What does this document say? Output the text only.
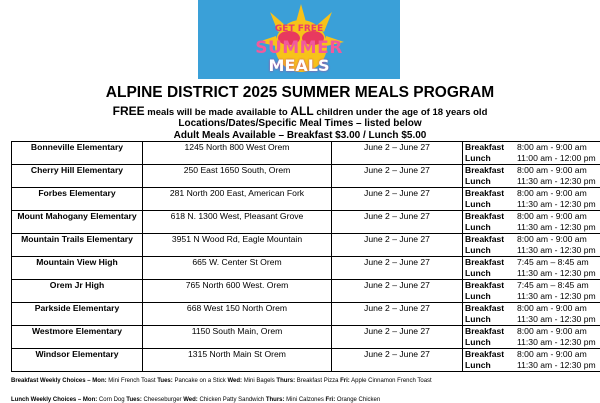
GET FREE
SUMMER
MEALS
ALPINE DISTRICT 2025 SUMMER MEALS PROGRAM
FREE meals will be made available to ALL children under the age of 18 years old
Locations/Dates/Specific Meal Times – listed below
Adult Meals Available – Breakfast $3.00 / Lunch $5.00
Bonneville Elementary	1245 North 800 West Orem	June 2 – June 27	Breakfast 8:00 am - 9:00 am
Lunch 11:00 am - 12:00 pm

Cherry Hill Elementary	250 East 1650 South, Orem	June 2 – June 27	Breakfast 8:00 am - 9:00 am
Lunch 11:30 am - 12:30 pm

Forbes Elementary	281 North 200 East, American Fork	June 2 – June 27	Breakfast 8:00 am - 9:00 am
Lunch 11:30 am - 12:30 pm

Mount Mahogany Elementary	618 N. 1300 West, Pleasant Grove	June 2 – June 27	Breakfast 8:00 am - 9:00 am
Lunch 11:30 am - 12:30 pm

Mountain Trails Elementary	3951 N Wood Rd, Eagle Mountain	June 2 – June 27	Breakfast 8:00 am - 9:00 am
Lunch 11:30 am - 12:30 pm

Mountain View High	665 W. Center St Orem	June 2 – June 27	Breakfast 7:45 am – 8:45 am
Lunch 11:30 am - 12:30 pm

Orem Jr High	765 North 600 West. Orem	June 2 – June 27	Breakfast 7:45 am – 8:45 am
Lunch 11:30 am - 12:30 pm

Parkside Elementary	668 West 150 North Orem	June 2 – June 27	Breakfast 8:00 am - 9:00 am
Lunch 11:30 am - 12:30 pm

Westmore Elementary	1150 South Main, Orem	June 2 – June 27	Breakfast 8:00 am - 9:00 am
Lunch 11:30 am - 12:30 pm

Windsor Elementary	1315 North Main St Orem	June 2 – June 27	Breakfast 8:00 am - 9:00 am
Lunch 11:30 am - 12:30 pm
Breakfast Weekly Choices – Mon: Mini French Toast Tues: Pancake on a Stick Wed: Mini Bagels Thurs: Breakfast Pizza Fri: Apple Cinnamon French Toast
Lunch Weekly Choices – Mon: Corn Dog Tues: Cheeseburger Wed: Chicken Patty Sandwich Thurs: Mini Calzones Fri: Orange Chicken
